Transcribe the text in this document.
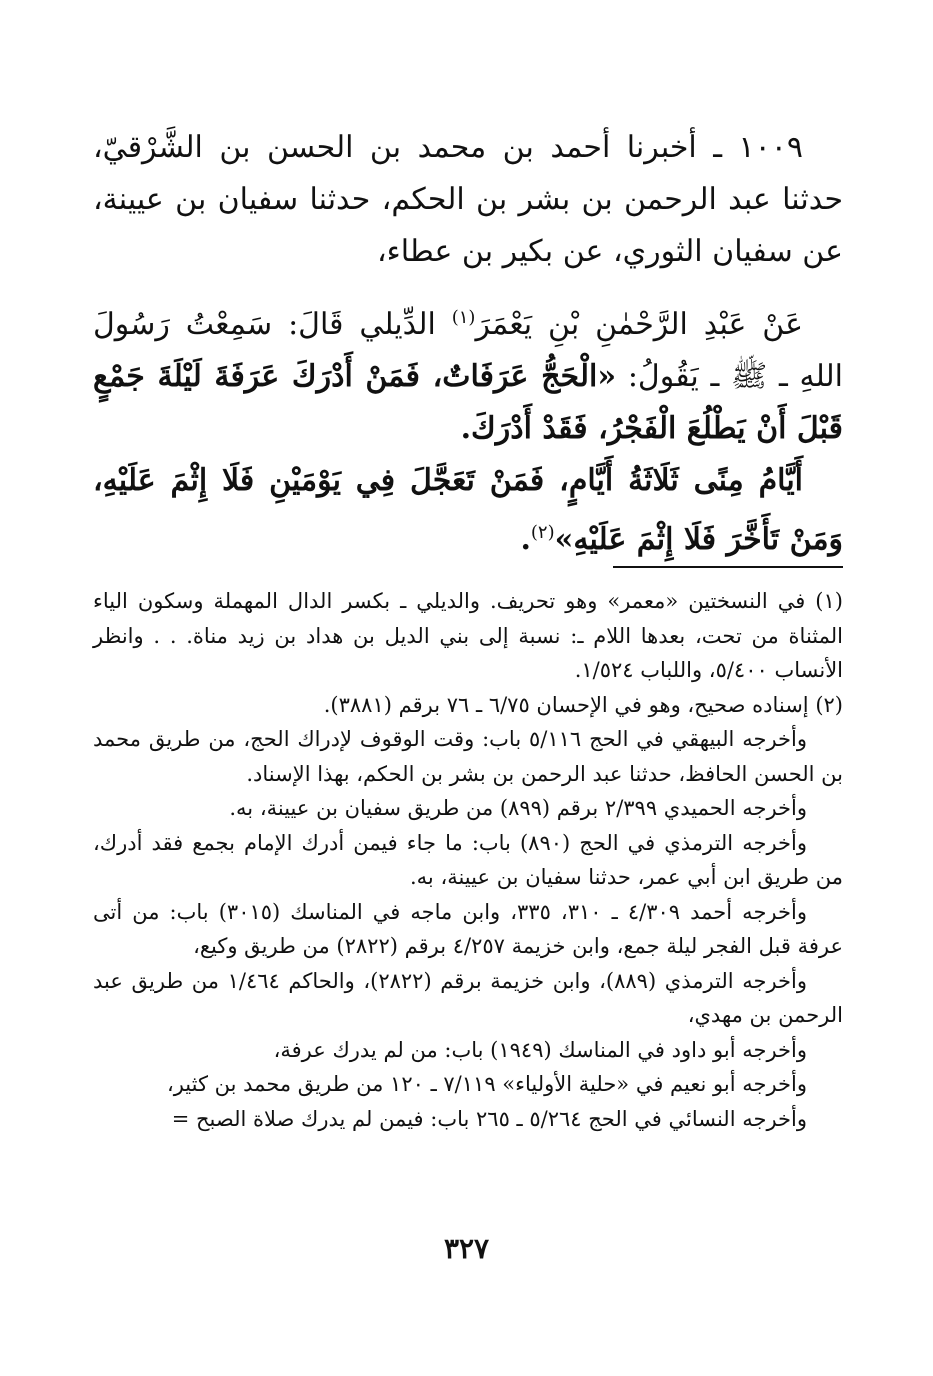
١٠٠٩ ـ أخبرنا أحمد بن محمد بن الحسن بن الشَّرْقيّ، حدثنا عبد الرحمن بن بشر بن الحكم، حدثنا سفيان بن عيينة، عن سفيان الثوري، عن بكير بن عطاء،

عَنْ عَبْدِ الرَّحْمٰنِ بْنِ يَعْمَرَ$^{(١)}$ الدِّيلي قَالَ: سَمِعْتُ رَسُولَ اللهِ ـ ﷺ ـ يَقُولُ: «الْحَجُّ عَرَفَاتٌ، فَمَنْ أَدْرَكَ عَرَفَةَ لَيْلَةَ جَمْعٍ قَبْلَ أَنْ يَطْلُعَ الْفَجْرُ، فَقَدْ أَدْرَكَ.

أَيَّامُ مِنًى ثَلَاثَةُ أَيَّامٍ، فَمَنْ تَعَجَّلَ فِي يَوْمَيْنِ فَلَا إِثْمَ عَلَيْهِ، وَمَنْ تَأَخَّرَ فَلَا إِثْمَ عَلَيْهِ»$^{(٢)}$.

(١) في النسختين «معمر» وهو تحريف. والديلي ـ بكسر الدال المهملة وسكون الياء المثناة من تحت، بعدها اللام ـ: نسبة إلى بني الديل بن هداد بن زيد مناة. . . وانظر الأنساب ٥/٤٠٠، واللباب ١/٥٢٤.

(٢) إسناده صحيح، وهو في الإحسان ٦/٧٥ ـ ٧٦ برقم (٣٨٨١).

وأخرجه البيهقي في الحج ٥/١١٦ باب: وقت الوقوف لإدراك الحج، من طريق محمد بن الحسن الحافظ، حدثنا عبد الرحمن بن بشر بن الحكم، بهذا الإسناد.

وأخرجه الحميدي ٢/٣٩٩ برقم (٨٩٩) من طريق سفيان بن عيينة، به.

وأخرجه الترمذي في الحج (٨٩٠) باب: ما جاء فيمن أدرك الإمام بجمع فقد أدرك، من طريق ابن أبي عمر، حدثنا سفيان بن عيينة، به.

وأخرجه أحمد ٤/٣٠٩ ـ ٣١٠، ٣٣٥، وابن ماجه في المناسك (٣٠١٥) باب: من أتى عرفة قبل الفجر ليلة جمع، وابن خزيمة ٤/٢٥٧ برقم (٢٨٢٢) من طريق وكيع،

وأخرجه الترمذي (٨٨٩)، وابن خزيمة برقم (٢٨٢٢)، والحاكم ١/٤٦٤ من طريق عبد الرحمن بن مهدي،

وأخرجه أبو داود في المناسك (١٩٤٩) باب: من لم يدرك عرفة،

وأخرجه أبو نعيم في «حلية الأولياء» ٧/١١٩ ـ ١٢٠ من طريق محمد بن كثير،

وأخرجه النسائي في الحج ٥/٢٦٤ ـ ٢٦٥ باب: فيمن لم يدرك صلاة الصبح =

٣٢٧
